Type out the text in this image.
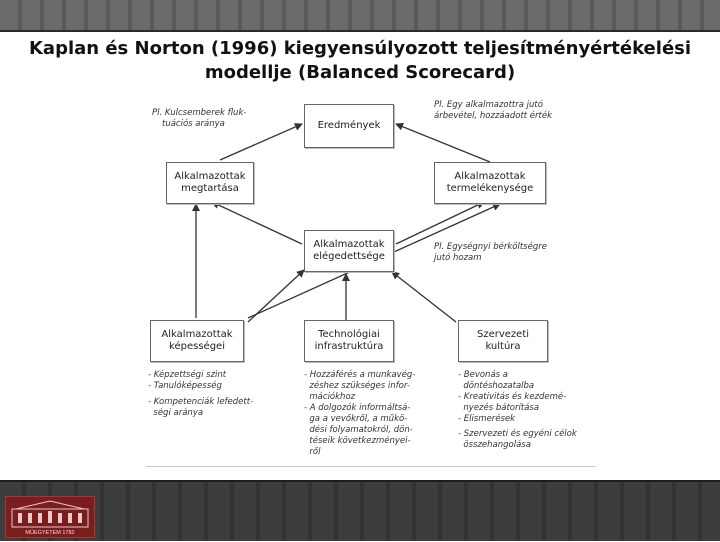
Kaplan és Norton (1996) kiegyensúlyozott teljesítményértékelési
modellje (Balanced Scorecard)
Eredmények
Alkalmazottak
megtartása
Alkalmazottak
termelékenysége
Alkalmazottak
elégedettsége
Alkalmazottak
képességei
Technológiai
infrastruktúra
Szervezeti
kultúra
Pl. Kulcsemberek fluk-
tuációs aránya
Pl. Egy alkalmazottra jutó
árbevétel, hozzáadott érték
Pl. Egységnyi bérköltségre
jutó hozam
- Képzettségi szint
- Tanulóképesség
- Kompetenciák lefedett-
ségi aránya
- Hozzáférés a munkavég-
zéshez szükséges infor-
mációkhoz
- A dolgozók informáltsá-
ga a vevőkről, a műkö-
dési folyamatokról, dön-
téseik következményei-
ről
- Bevonás a
döntéshozatalba
- Kreativitás és kezdemé-
nyezés bátorítása
- Elismerések
- Szervezeti és egyéni célok
összehangolása
MŰEGYETEM 1782
